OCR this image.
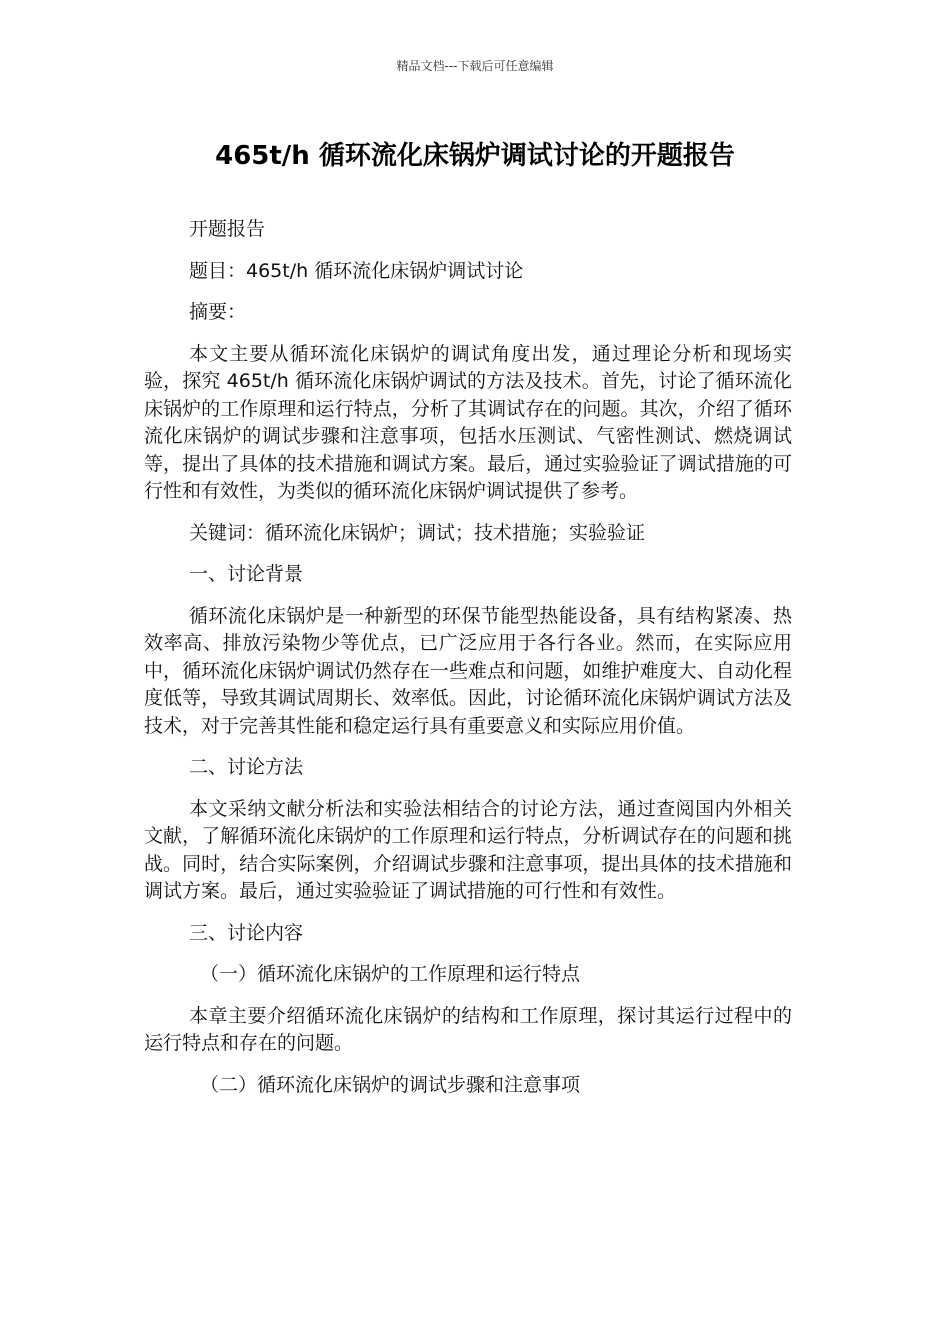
精品文档---下载后可任意编辑
465t/h 循环流化床锅炉调试讨论的开题报告

开题报告

题目：465t/h 循环流化床锅炉调试讨论

摘要：

本文主要从循环流化床锅炉的调试角度出发，通过理论分析和现场实验，探究 465t/h 循环流化床锅炉调试的方法及技术。首先，讨论了循环流化床锅炉的工作原理和运行特点，分析了其调试存在的问题。其次，介绍了循环流化床锅炉的调试步骤和注意事项，包括水压测试、气密性测试、燃烧调试等，提出了具体的技术措施和调试方案。最后，通过实验验证了调试措施的可行性和有效性，为类似的循环流化床锅炉调试提供了参考。

关键词：循环流化床锅炉；调试；技术措施；实验验证

一、讨论背景

循环流化床锅炉是一种新型的环保节能型热能设备，具有结构紧凑、热效率高、排放污染物少等优点，已广泛应用于各行各业。然而，在实际应用中，循环流化床锅炉调试仍然存在一些难点和问题，如维护难度大、自动化程度低等，导致其调试周期长、效率低。因此，讨论循环流化床锅炉调试方法及技术，对于完善其性能和稳定运行具有重要意义和实际应用价值。

二、讨论方法

本文采纳文献分析法和实验法相结合的讨论方法，通过查阅国内外相关文献，了解循环流化床锅炉的工作原理和运行特点，分析调试存在的问题和挑战。同时，结合实际案例，介绍调试步骤和注意事项，提出具体的技术措施和调试方案。最后，通过实验验证了调试措施的可行性和有效性。

三、讨论内容

（一）循环流化床锅炉的工作原理和运行特点

本章主要介绍循环流化床锅炉的结构和工作原理，探讨其运行过程中的运行特点和存在的问题。

（二）循环流化床锅炉的调试步骤和注意事项
